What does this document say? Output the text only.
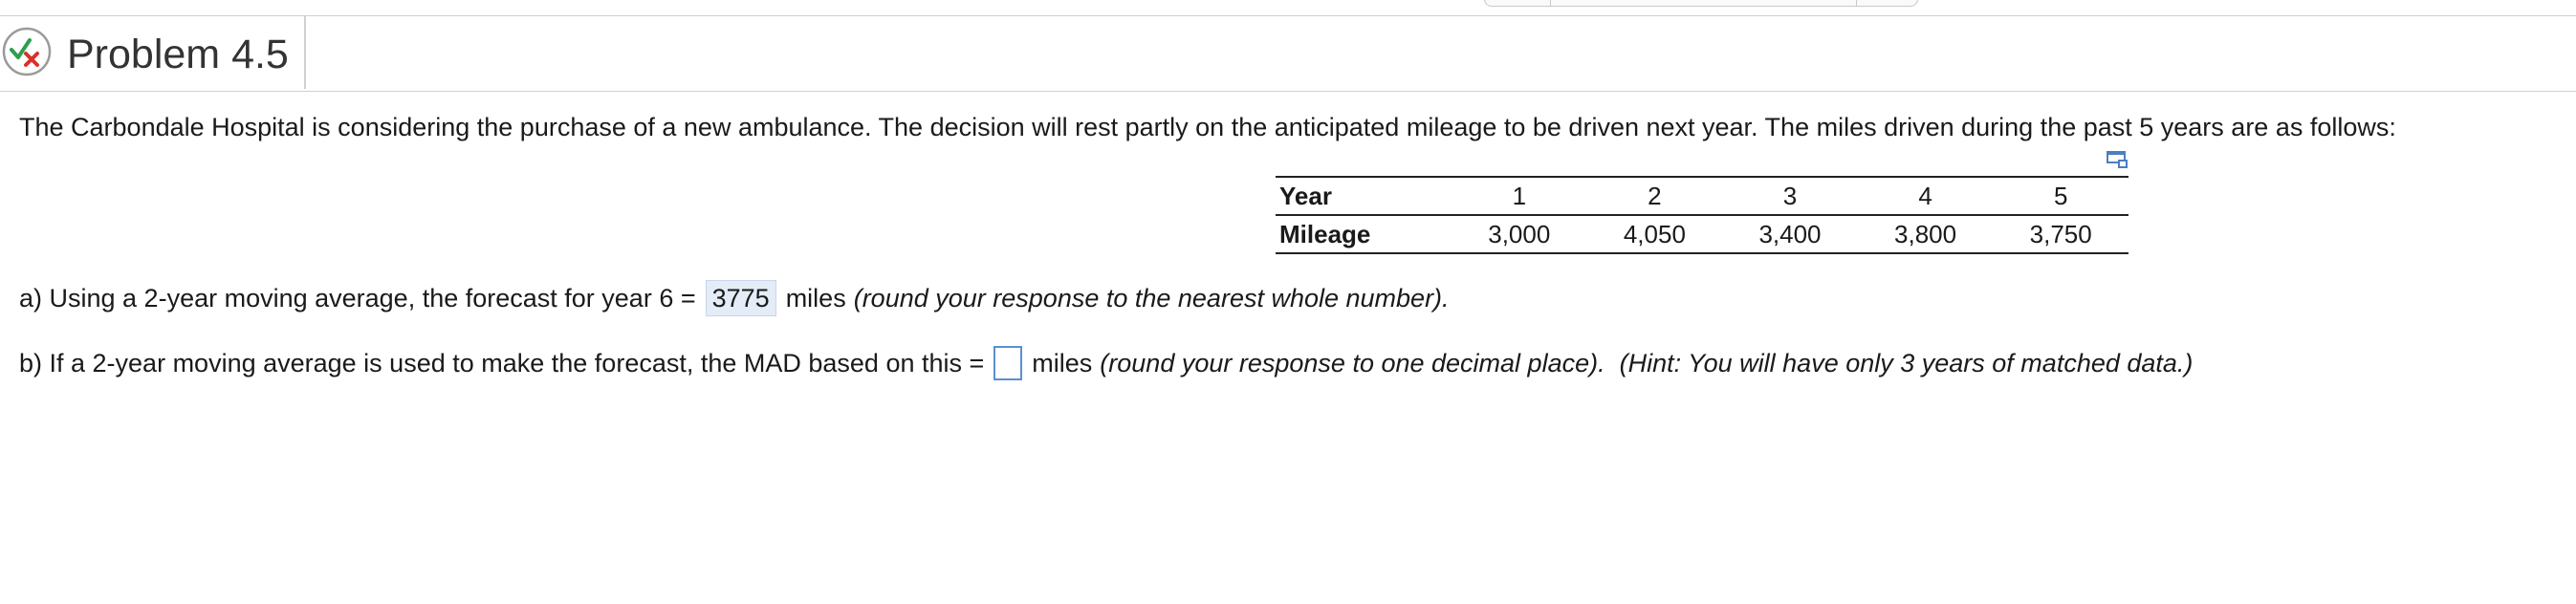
Problem 4.5
The Carbondale Hospital is considering the purchase of a new ambulance. The decision will rest partly on the anticipated mileage to be driven next year. The miles driven during the past 5 years are as follows:
Year	1	2	3	4	5
Mileage	3,000	4,050	3,400	3,800	3,750
a) Using a 2-year moving average, the forecast for year 6 = 3775 miles (round your response to the nearest whole number).
b) If a 2-year moving average is used to make the forecast, the MAD based on this = miles (round your response to one decimal place).  (Hint: You will have only 3 years of matched data.)
